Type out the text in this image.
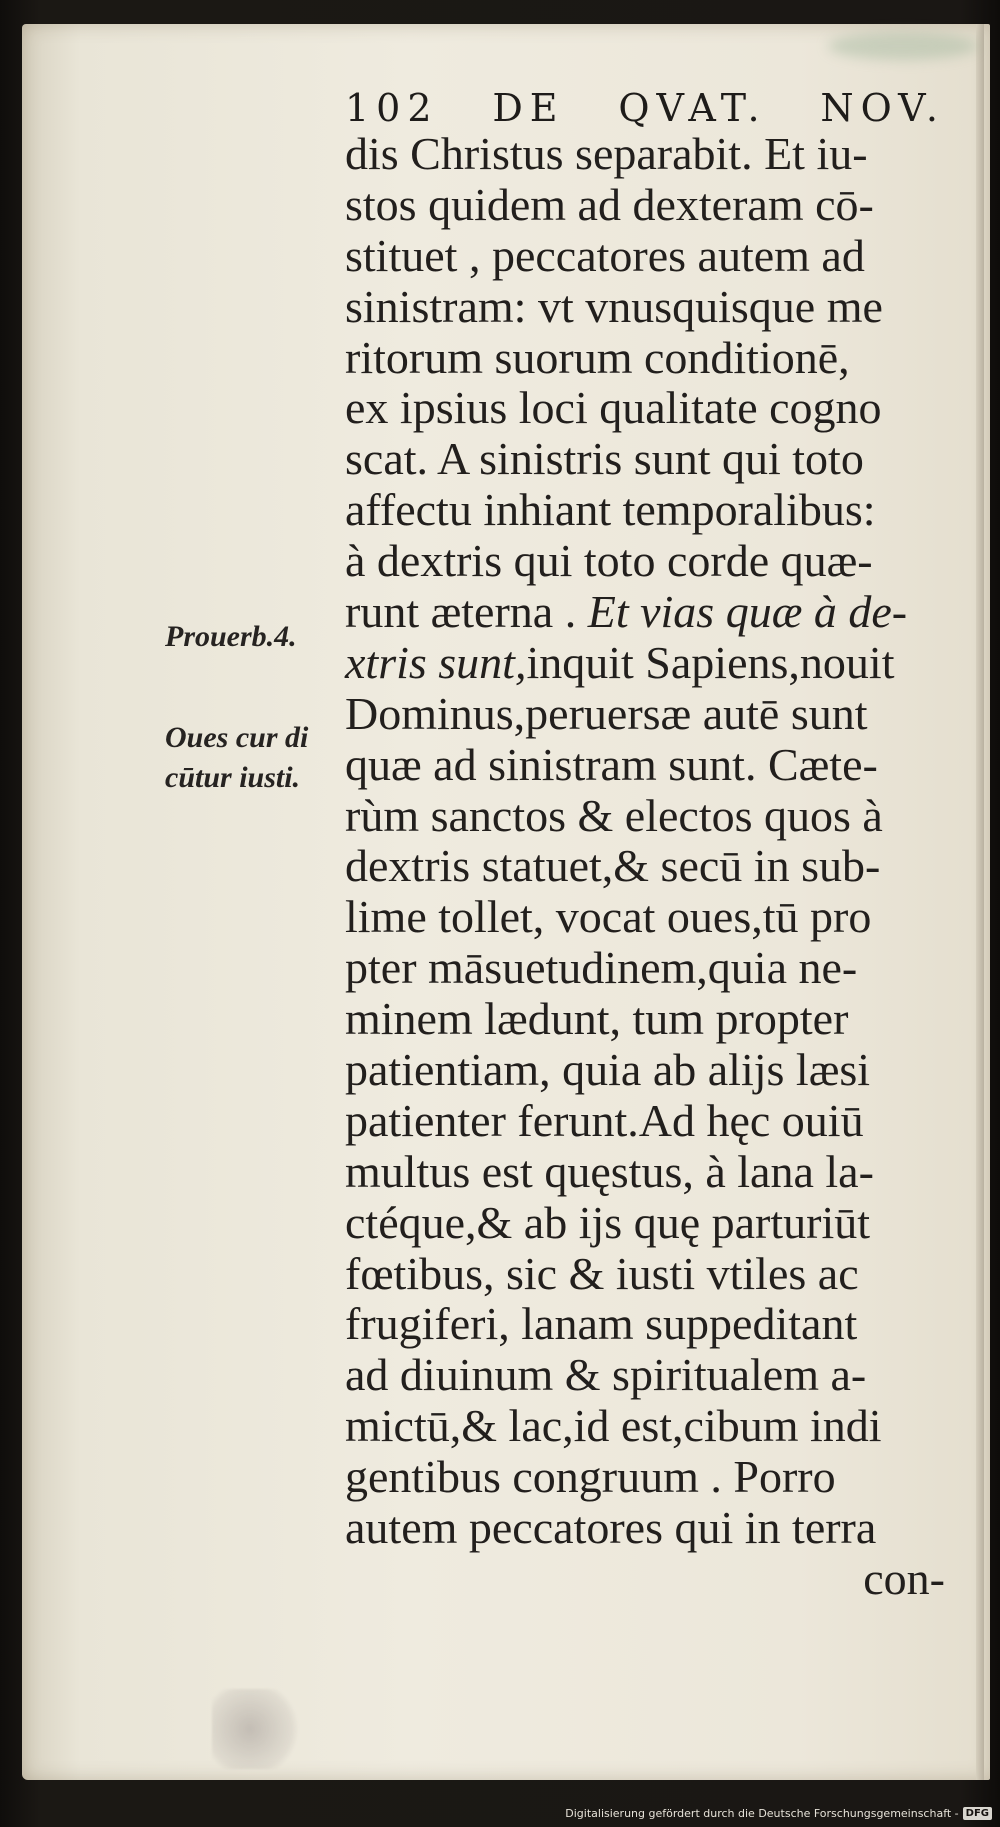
102 DE QVAT. NOV.
dis Christus separabit. Et iu-
stos quidem ad dexteram cō-
stituet , peccatores autem ad
sinistram: vt vnusquisque me
ritorum suorum conditionē,
ex ipsius loci qualitate cogno
scat. A sinistris sunt qui toto
affectu inhiant temporalibus:
à dextris qui toto corde quæ-
runt æterna . Et vias quæ à de-
xtris sunt,inquit Sapiens,nouit
Dominus,peruersæ autē sunt
quæ ad sinistram sunt. Cæte-
rùm sanctos & electos quos à
dextris statuet,& secū in sub-
lime tollet, vocat oues,tū pro
pter māsuetudinem,quia ne-
minem lædunt, tum propter
patientiam, quia ab alijs læsi
patienter ferunt.Ad hęc ouiū
multus est quęstus, à lana la-
ctéque,& ab ijs quę parturiūt
fœtibus, sic & iusti vtiles ac
frugiferi, lanam suppeditant
ad diuinum & spiritualem a-
mictū,& lac,id est,cibum indi
gentibus congruum . Porro
autem peccatores qui in terra
con-
Prouerb.4.
Oues cur di
cūtur iusti.
Digitalisierung gefördert durch die Deutsche Forschungsgemeinschaft - DFG
